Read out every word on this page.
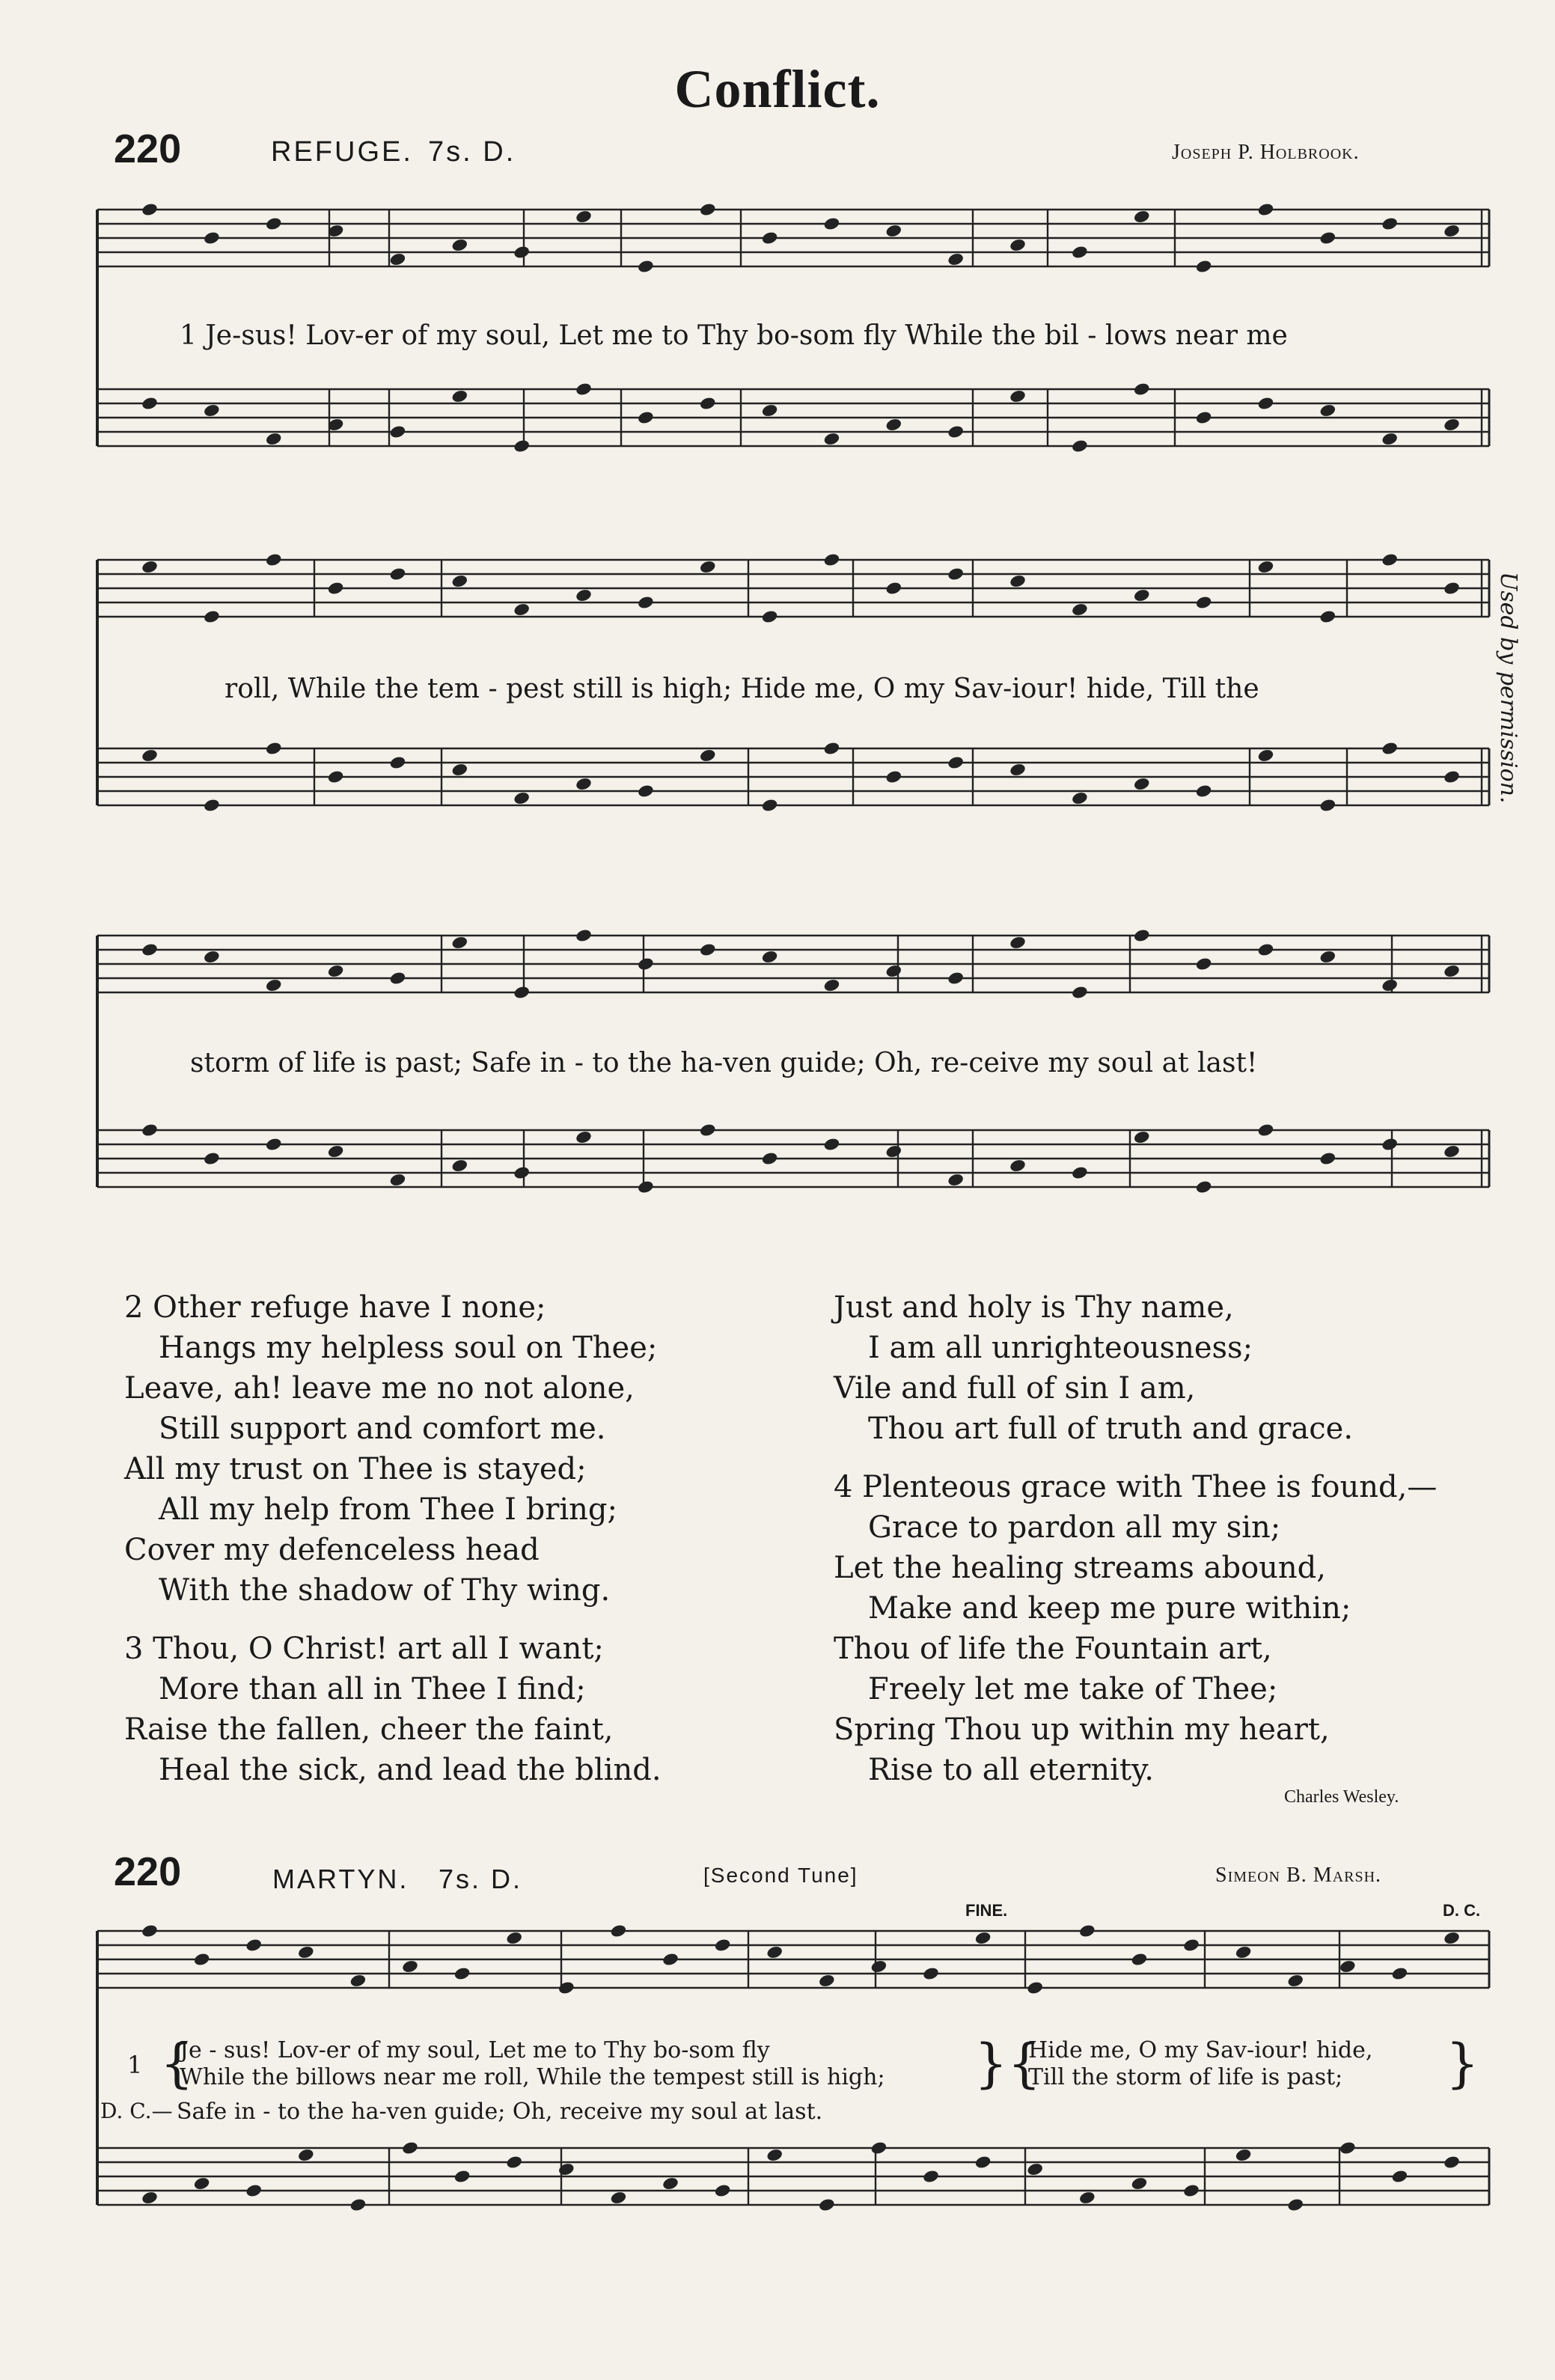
Conflict.
220	REFUGE. 7s. D.	Joseph P. Holbrook.
1 Je-sus! Lov-er of my soul, Let me to Thy bo-som fly While the bil - lows near me
roll, While the tem - pest still is high; Hide me, O my Sav-iour! hide, Till the
storm of life is past; Safe in - to the ha-ven guide; Oh, re-ceive my soul at last!
Used by permission.
2 Other refuge have I none;
Hangs my helpless soul on Thee;
Leave, ah! leave me no not alone,
Still support and comfort me.
All my trust on Thee is stayed;
All my help from Thee I bring;
Cover my defenceless head
With the shadow of Thy wing.
3 Thou, O Christ! art all I want;
More than all in Thee I find;
Raise the fallen, cheer the faint,
Heal the sick, and lead the blind.
Just and holy is Thy name,
I am all unrighteousness;
Vile and full of sin I am,
Thou art full of truth and grace.
4 Plenteous grace with Thee is found,—
Grace to pardon all my sin;
Let the healing streams abound,
Make and keep me pure within;
Thou of life the Fountain art,
Freely let me take of Thee;
Spring Thou up within my heart,
Rise to all eternity.
Charles Wesley.
220	MARTYN. 7s. D.	[Second Tune]	Simeon B. Marsh.
FINE.	D. C.
1 {
Je - sus! Lov-er of my soul, Let me to Thy bo-som fly
While the billows near me roll, While the tempest still is high; }{
Hide me, O my Sav-iour! hide,
Till the storm of life is past; }
D. C.— Safe in - to the ha-ven guide; Oh, receive my soul at last.
